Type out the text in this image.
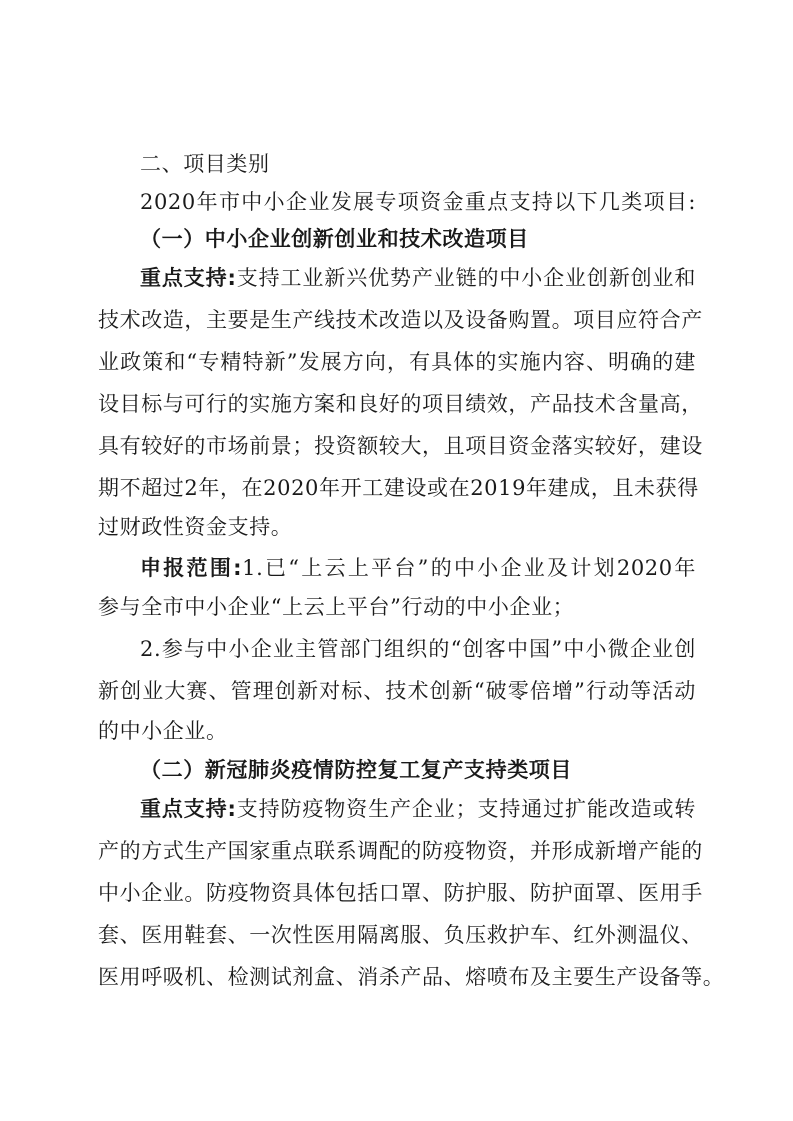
二、项目类别
2020年市中小企业发展专项资金重点支持以下几类项目:
（一）中小企业创新创业和技术改造项目
重点支持:支持工业新兴优势产业链的中小企业创新创业和
技术改造，主要是生产线技术改造以及设备购置。项目应符合产
业政策和“专精特新”发展方向，有具体的实施内容、明确的建
设目标与可行的实施方案和良好的项目绩效，产品技术含量高，
具有较好的市场前景；投资额较大，且项目资金落实较好，建设
期不超过2年，在2020年开工建设或在2019年建成，且未获得
过财政性资金支持。
申报范围:1.已“上云上平台”的中小企业及计划2020年
参与全市中小企业“上云上平台”行动的中小企业；
2.参与中小企业主管部门组织的“创客中国”中小微企业创
新创业大赛、管理创新对标、技术创新“破零倍增”行动等活动
的中小企业。
（二）新冠肺炎疫情防控复工复产支持类项目
重点支持:支持防疫物资生产企业；支持通过扩能改造或转
产的方式生产国家重点联系调配的防疫物资，并形成新增产能的
中小企业。防疫物资具体包括口罩、防护服、防护面罩、医用手
套、医用鞋套、一次性医用隔离服、负压救护车、红外测温仪、
医用呼吸机、检测试剂盒、消杀产品、熔喷布及主要生产设备等。
